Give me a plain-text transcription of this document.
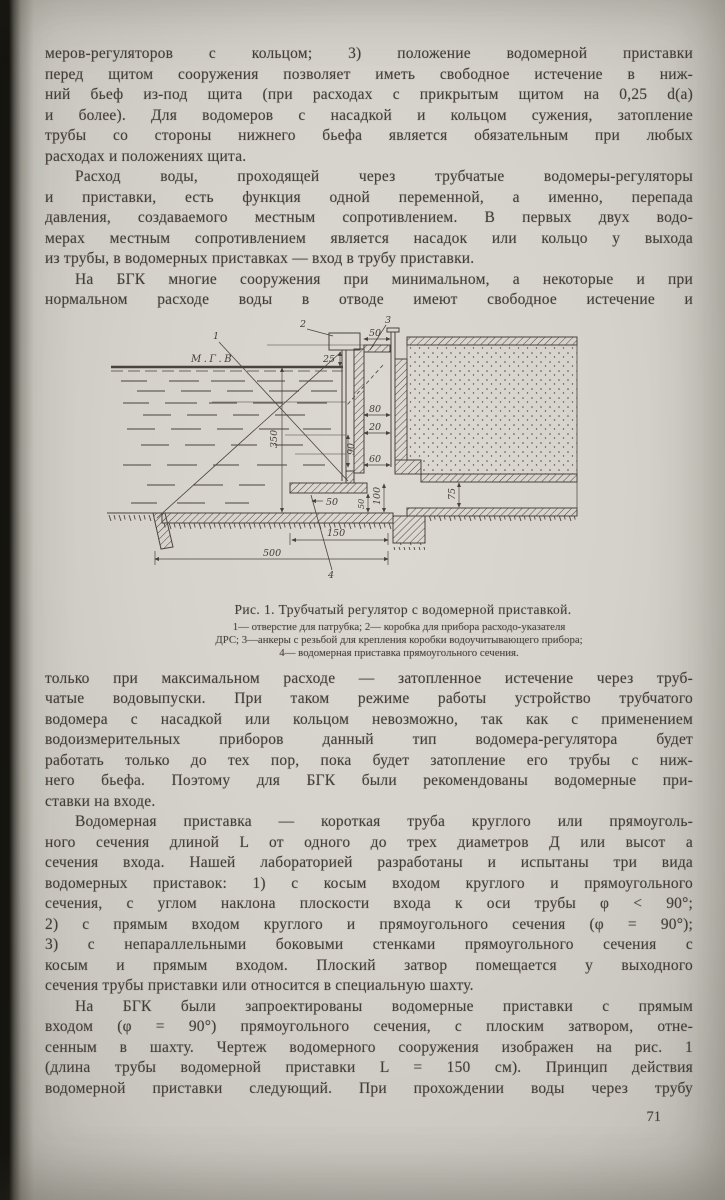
меров-регуляторов с кольцом; 3) положение водомерной приставки
перед щитом сооружения позволяет иметь свободное истечение в ниж-
ний бьеф из-под щита (при расходах с прикрытым щитом на 0,25 d(а)
и более). Для водомеров с насадкой и кольцом сужения, затопление
трубы со стороны нижнего бьефа является обязательным при любых
расходах и положениях щита.
Расход воды, проходящей через трубчатые водомеры-регуляторы
и приставки, есть функция одной переменной, а именно, перепада
давления, создаваемого местным сопротивлением. В первых двух водо-
мерах местным сопротивлением является насадок или кольцо у выхода
из трубы, в водомерных приставках — вход в трубу приставки.
На БГК многие сооружения при минимальном, а некоторые и при
нормальном расходе воды в отводе имеют свободное истечение и
М.Г.В
1
2	3
4
50
25
80
20
90
60
350
100
50
50
150
500
75
Рис. 1. Трубчатый регулятор с водомерной приставкой.
1— отверстие для патрубка; 2— коробка для прибора расходо-указателя
ДРС; 3—анкеры с резьбой для крепления коробки водоучитывающего прибора;
4— водомерная приставка прямоугольного сечения.
только при максимальном расходе — затопленное истечение через труб-
чатые водовыпуски. При таком режиме работы устройство трубчатого
водомера с насадкой или кольцом невозможно, так как с применением
водоизмерительных приборов данный тип водомера-регулятора будет
работать только до тех пор, пока будет затопление его трубы с ниж-
него бьефа. Поэтому для БГК были рекомендованы водомерные при-
ставки на входе.
Водомерная приставка — короткая труба круглого или прямоуголь-
ного сечения длиной L от одного до трех диаметров Д или высот а
сечения входа. Нашей лабораторией разработаны и испытаны три вида
водомерных приставок: 1) с косым входом круглого и прямоугольного
сечения, с углом наклона плоскости входа к оси трубы φ < 90°;
2) с прямым входом круглого и прямоугольного сечения (φ = 90°);
3) с непараллельными боковыми стенками прямоугольного сечения с
косым и прямым входом. Плоский затвор помещается у выходного
сечения трубы приставки или относится в специальную шахту.
На БГК были запроектированы водомерные приставки с прямым
входом (φ = 90°) прямоугольного сечения, с плоским затвором, отне-
сенным в шахту. Чертеж водомерного сооружения изображен на рис. 1
(длина трубы водомерной приставки L = 150 см). Принцип действия
водомерной приставки следующий. При прохождении воды через трубу
71
